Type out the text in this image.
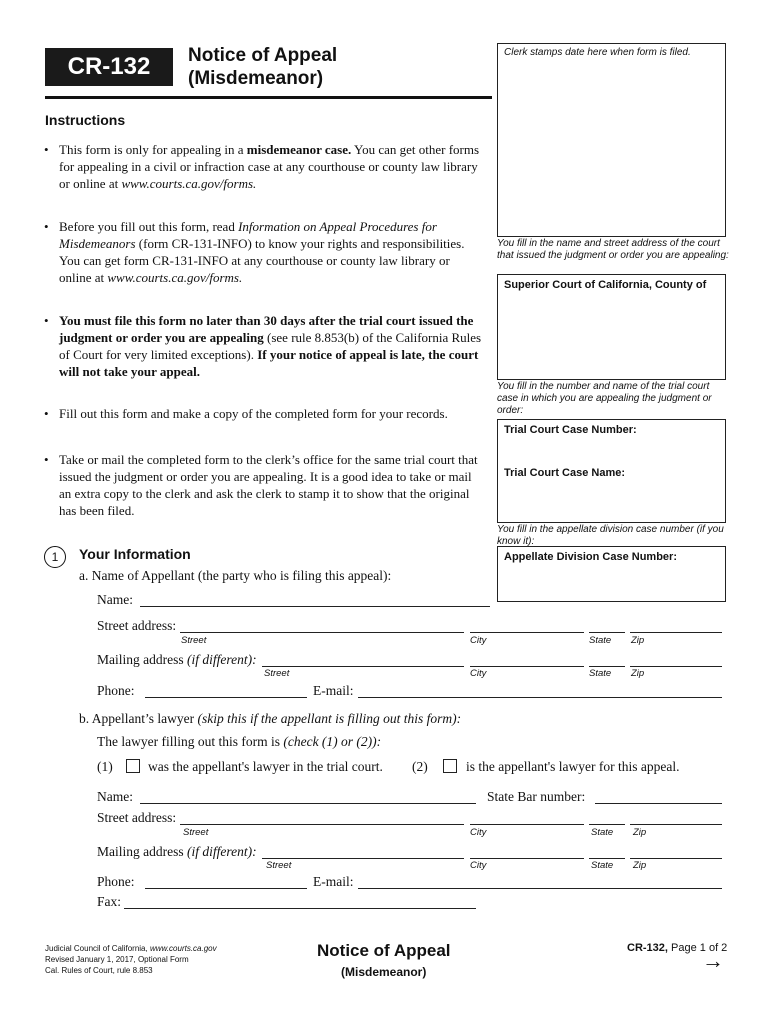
CR-132 Notice of Appeal
(Misdemeanor)
Clerk stamps date here when form is filed.
You fill in the name and street address of the court that issued the judgment or order you are appealing:
Superior Court of California, County of
You fill in the number and name of the trial court case in which you are appealing the judgment or order:
Trial Court Case Number:
Trial Court Case Name:
You fill in the appellate division case number (if you know it):
Appellate Division Case Number:
Instructions
• This form is only for appealing in a misdemeanor case. You can get other forms for appealing in a civil or infraction case at any courthouse or county law library or online at www.courts.ca.gov/forms.
• Before you fill out this form, read Information on Appeal Procedures for Misdemeanors (form CR-131-INFO) to know your rights and responsibilities. You can get form CR-131-INFO at any courthouse or county law library or online at www.courts.ca.gov/forms.
• You must file this form no later than 30 days after the trial court issued the judgment or order you are appealing (see rule 8.853(b) of the California Rules of Court for very limited exceptions). If your notice of appeal is late, the court will not take your appeal.
• Fill out this form and make a copy of the completed form for your records.
• Take or mail the completed form to the clerk’s office for the same trial court that issued the judgment or order you are appealing. It is a good idea to take or mail an extra copy to the clerk and ask the clerk to stamp it to show that the original has been filed.
1	Your Information
a. Name of Appellant (the party who is filing this appeal):
Name:
Street address:
Street	City	State Zip
Mailing address (if different):
Street	City	State Zip
Phone:	E-mail:
b. Appellant’s lawyer (skip this if the appellant is filling out this form):
The lawyer filling out this form is (check (1) or (2)):
(1)	was the appellant's lawyer in the trial court. (2)	is the appellant's lawyer for this appeal.
Name:	State Bar number:
Street address:
Street	City	State Zip
Mailing address (if different):
Street	City	State Zip
Phone:	E-mail:
Fax:
Judicial Council of California, www.courts.ca.gov
Revised January 1, 2017, Optional Form
Cal. Rules of Court, rule 8.853
Notice of Appeal
(Misdemeanor)
CR-132, Page 1 of 2
→
